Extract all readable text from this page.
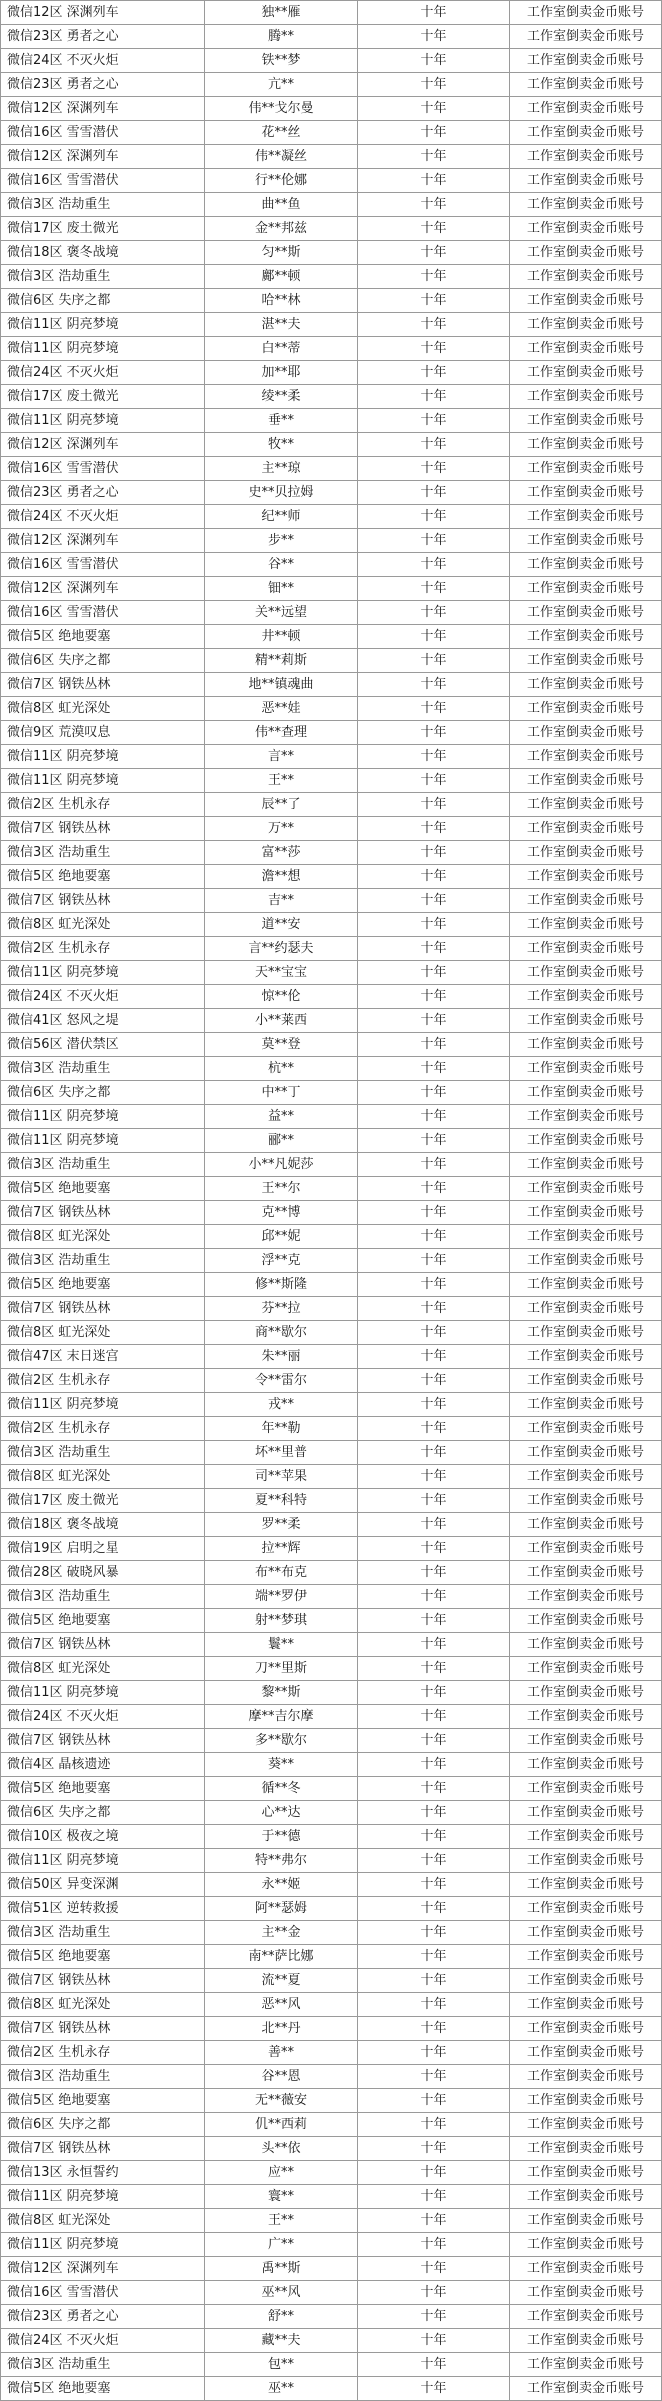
微信12区 深渊列车	独**雁	十年	工作室倒卖金币账号
微信23区 勇者之心	腾**	十年	工作室倒卖金币账号
微信24区 不灭火炬	铁**梦	十年	工作室倒卖金币账号
微信23区 勇者之心	亢**	十年	工作室倒卖金币账号
微信12区 深渊列车	伟**戈尔曼	十年	工作室倒卖金币账号
微信16区 雪雪潜伏	花**丝	十年	工作室倒卖金币账号
微信12区 深渊列车	伟**凝丝	十年	工作室倒卖金币账号
微信16区 雪雪潜伏	行**伦娜	十年	工作室倒卖金币账号
微信3区 浩劫重生	曲**鱼	十年	工作室倒卖金币账号
微信17区 废土微光	金**邦兹	十年	工作室倒卖金币账号
微信18区 褒冬战境	匀**斯	十年	工作室倒卖金币账号
微信3区 浩劫重生	鄺**顿	十年	工作室倒卖金币账号
微信6区 失序之都	哈**林	十年	工作室倒卖金币账号
微信11区 阴亮梦境	湛**夫	十年	工作室倒卖金币账号
微信11区 阴亮梦境	白**蒂	十年	工作室倒卖金币账号
微信24区 不灭火炬	加**耶	十年	工作室倒卖金币账号
微信17区 废土微光	绫**柔	十年	工作室倒卖金币账号
微信11区 阴亮梦境	垂**	十年	工作室倒卖金币账号
微信12区 深渊列车	牧**	十年	工作室倒卖金币账号
微信16区 雪雪潜伏	主**琼	十年	工作室倒卖金币账号
微信23区 勇者之心	史**贝拉姆	十年	工作室倒卖金币账号
微信24区 不灭火炬	纪**师	十年	工作室倒卖金币账号
微信12区 深渊列车	步**	十年	工作室倒卖金币账号
微信16区 雪雪潜伏	谷**	十年	工作室倒卖金币账号
微信12区 深渊列车	钿**	十年	工作室倒卖金币账号
微信16区 雪雪潜伏	关**远望	十年	工作室倒卖金币账号
微信5区 绝地要塞	井**顿	十年	工作室倒卖金币账号
微信6区 失序之都	精**莉斯	十年	工作室倒卖金币账号
微信7区 钢铁丛林	地**镇魂曲	十年	工作室倒卖金币账号
微信8区 虹光深处	恶**娃	十年	工作室倒卖金币账号
微信9区 荒漠叹息	伟**查理	十年	工作室倒卖金币账号
微信11区 阴亮梦境	言**	十年	工作室倒卖金币账号
微信11区 阴亮梦境	王**	十年	工作室倒卖金币账号
微信2区 生机永存	辰**了	十年	工作室倒卖金币账号
微信7区 钢铁丛林	万**	十年	工作室倒卖金币账号
微信3区 浩劫重生	富**莎	十年	工作室倒卖金币账号
微信5区 绝地要塞	澹**想	十年	工作室倒卖金币账号
微信7区 钢铁丛林	吉**	十年	工作室倒卖金币账号
微信8区 虹光深处	道**安	十年	工作室倒卖金币账号
微信2区 生机永存	言**约瑟夫	十年	工作室倒卖金币账号
微信11区 阴亮梦境	天**宝宝	十年	工作室倒卖金币账号
微信24区 不灭火炬	惊**伦	十年	工作室倒卖金币账号
微信41区 怒风之堤	小**莱西	十年	工作室倒卖金币账号
微信56区 潜伏禁区	莫**登	十年	工作室倒卖金币账号
微信3区 浩劫重生	杭**	十年	工作室倒卖金币账号
微信6区 失序之都	中**丁	十年	工作室倒卖金币账号
微信11区 阴亮梦境	益**	十年	工作室倒卖金币账号
微信11区 阴亮梦境	郦**	十年	工作室倒卖金币账号
微信3区 浩劫重生	小**凡妮莎	十年	工作室倒卖金币账号
微信5区 绝地要塞	王**尔	十年	工作室倒卖金币账号
微信7区 钢铁丛林	克**博	十年	工作室倒卖金币账号
微信8区 虹光深处	邱**妮	十年	工作室倒卖金币账号
微信3区 浩劫重生	浮**克	十年	工作室倒卖金币账号
微信5区 绝地要塞	修**斯隆	十年	工作室倒卖金币账号
微信7区 钢铁丛林	芬**拉	十年	工作室倒卖金币账号
微信8区 虹光深处	商**歇尔	十年	工作室倒卖金币账号
微信47区 末日迷宫	朱**丽	十年	工作室倒卖金币账号
微信2区 生机永存	令**雷尔	十年	工作室倒卖金币账号
微信11区 阴亮梦境	戎**	十年	工作室倒卖金币账号
微信2区 生机永存	年**勒	十年	工作室倒卖金币账号
微信3区 浩劫重生	坏**里普	十年	工作室倒卖金币账号
微信8区 虹光深处	司**苹果	十年	工作室倒卖金币账号
微信17区 废土微光	夏**科特	十年	工作室倒卖金币账号
微信18区 褒冬战境	罗**柔	十年	工作室倒卖金币账号
微信19区 启明之星	拉**辉	十年	工作室倒卖金币账号
微信28区 破晓风暴	布**布克	十年	工作室倒卖金币账号
微信3区 浩劫重生	端**罗伊	十年	工作室倒卖金币账号
微信5区 绝地要塞	射**梦琪	十年	工作室倒卖金币账号
微信7区 钢铁丛林	鬟**	十年	工作室倒卖金币账号
微信8区 虹光深处	刀**里斯	十年	工作室倒卖金币账号
微信11区 阴亮梦境	黎**斯	十年	工作室倒卖金币账号
微信24区 不灭火炬	摩**吉尔摩	十年	工作室倒卖金币账号
微信7区 钢铁丛林	多**歇尔	十年	工作室倒卖金币账号
微信4区 晶核遗迹	葵**	十年	工作室倒卖金币账号
微信5区 绝地要塞	循**冬	十年	工作室倒卖金币账号
微信6区 失序之都	心**达	十年	工作室倒卖金币账号
微信10区 极夜之境	于**德	十年	工作室倒卖金币账号
微信11区 阴亮梦境	特**弗尔	十年	工作室倒卖金币账号
微信50区 异变深渊	永**姬	十年	工作室倒卖金币账号
微信51区 逆转救援	阿**瑟姆	十年	工作室倒卖金币账号
微信3区 浩劫重生	主**金	十年	工作室倒卖金币账号
微信5区 绝地要塞	南**萨比娜	十年	工作室倒卖金币账号
微信7区 钢铁丛林	流**夏	十年	工作室倒卖金币账号
微信8区 虹光深处	恶**风	十年	工作室倒卖金币账号
微信7区 钢铁丛林	北**丹	十年	工作室倒卖金币账号
微信2区 生机永存	善**	十年	工作室倒卖金币账号
微信3区 浩劫重生	谷**恩	十年	工作室倒卖金币账号
微信5区 绝地要塞	无**薇安	十年	工作室倒卖金币账号
微信6区 失序之都	仉**西莉	十年	工作室倒卖金币账号
微信7区 钢铁丛林	头**依	十年	工作室倒卖金币账号
微信13区 永恒誓约	应**	十年	工作室倒卖金币账号
微信11区 阴亮梦境	寰**	十年	工作室倒卖金币账号
微信8区 虹光深处	王**	十年	工作室倒卖金币账号
微信11区 阴亮梦境	广**	十年	工作室倒卖金币账号
微信12区 深渊列车	禹**斯	十年	工作室倒卖金币账号
微信16区 雪雪潜伏	巫**风	十年	工作室倒卖金币账号
微信23区 勇者之心	舒**	十年	工作室倒卖金币账号
微信24区 不灭火炬	藏**夫	十年	工作室倒卖金币账号
微信3区 浩劫重生	包**	十年	工作室倒卖金币账号
微信5区 绝地要塞	巫**	十年	工作室倒卖金币账号
